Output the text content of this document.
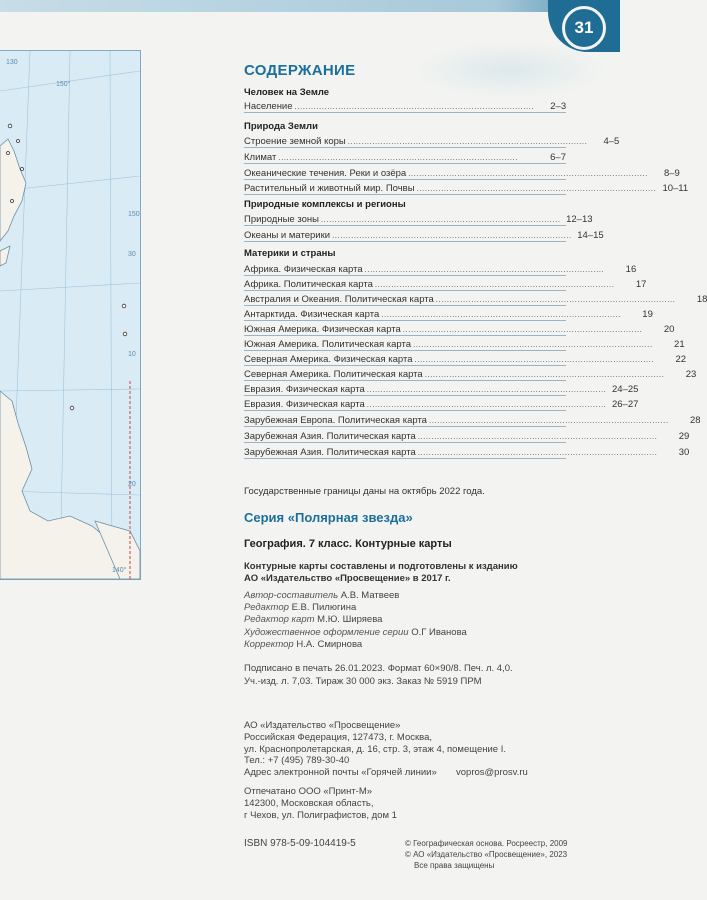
31
150°
140°
150
10
130
30
20
СОДЕРЖАНИЕ
Человек на Земле
Население ........................................................................................	2–3
Природа Земли
Строение земной коры ........................................................................................	4–5
Климат ........................................................................................	6–7
Океанические течения. Реки и озёра ........................................................................................	8–9
Растительный и животный мир. Почвы ........................................................................................ 10–11
Природные комплексы и регионы
Природные зоны ........................................................................................ 12–13
Океаны и материки ........................................................................................ 14–15
Материки и страны
Африка. Физическая карта ........................................................................................	16
Африка. Политическая карта ........................................................................................	17
Австралия и Океания. Политическая карта ........................................................................................	18
Антарктида. Физическая карта ........................................................................................	19
Южная Америка. Физическая карта ........................................................................................	20
Южная Америка. Политическая карта ........................................................................................	21
Северная Америка. Физическая карта ........................................................................................	22
Северная Америка. Политическая карта ........................................................................................	23
Евразия. Физическая карта ........................................................................................ 24–25
Евразия. Физическая карта ........................................................................................ 26–27
Зарубежная Европа. Политическая карта ........................................................................................	28
Зарубежная Азия. Политическая карта ........................................................................................	29
Зарубежная Азия. Политическая карта ........................................................................................	30
Государственные границы даны на октябрь 2022 года.
Серия «Полярная звезда»
География. 7 класс. Контурные карты
Контурные карты составлены и подготовлены к изданию
АО «Издательство «Просвещение» в 2017 г.
Автор-составитель А.В. Матвеев
Редактор Е.В. Пилюгина
Редактор карт М.Ю. Ширяева
Художественное оформление серии О.Г Иванова
Корректор Н.А. Смирнова
Подписано в печать 26.01.2023. Формат 60×90/8. Печ. л. 4,0.
Уч.-изд. л. 7,03. Тираж 30 000 экз. Заказ № 5919 ПРМ
АО «Издательство «Просвещение»
Российская Федерация, 127473, г. Москва,
ул. Краснопролетарская, д. 16, стр. 3, этаж 4, помещение I.
Тел.: +7 (495) 789-30-40
Адрес электронной почты «Горячей линии» vopros@prosv.ru
Отпечатано ООО «Принт-М»
142300, Московская область,
г Чехов, ул. Полиграфистов, дом 1
ISBN 978-5-09-104419-5	© Географическая основа. Росреестр, 2009
© АО «Издательство «Просвещение», 2023
Все права защищены
